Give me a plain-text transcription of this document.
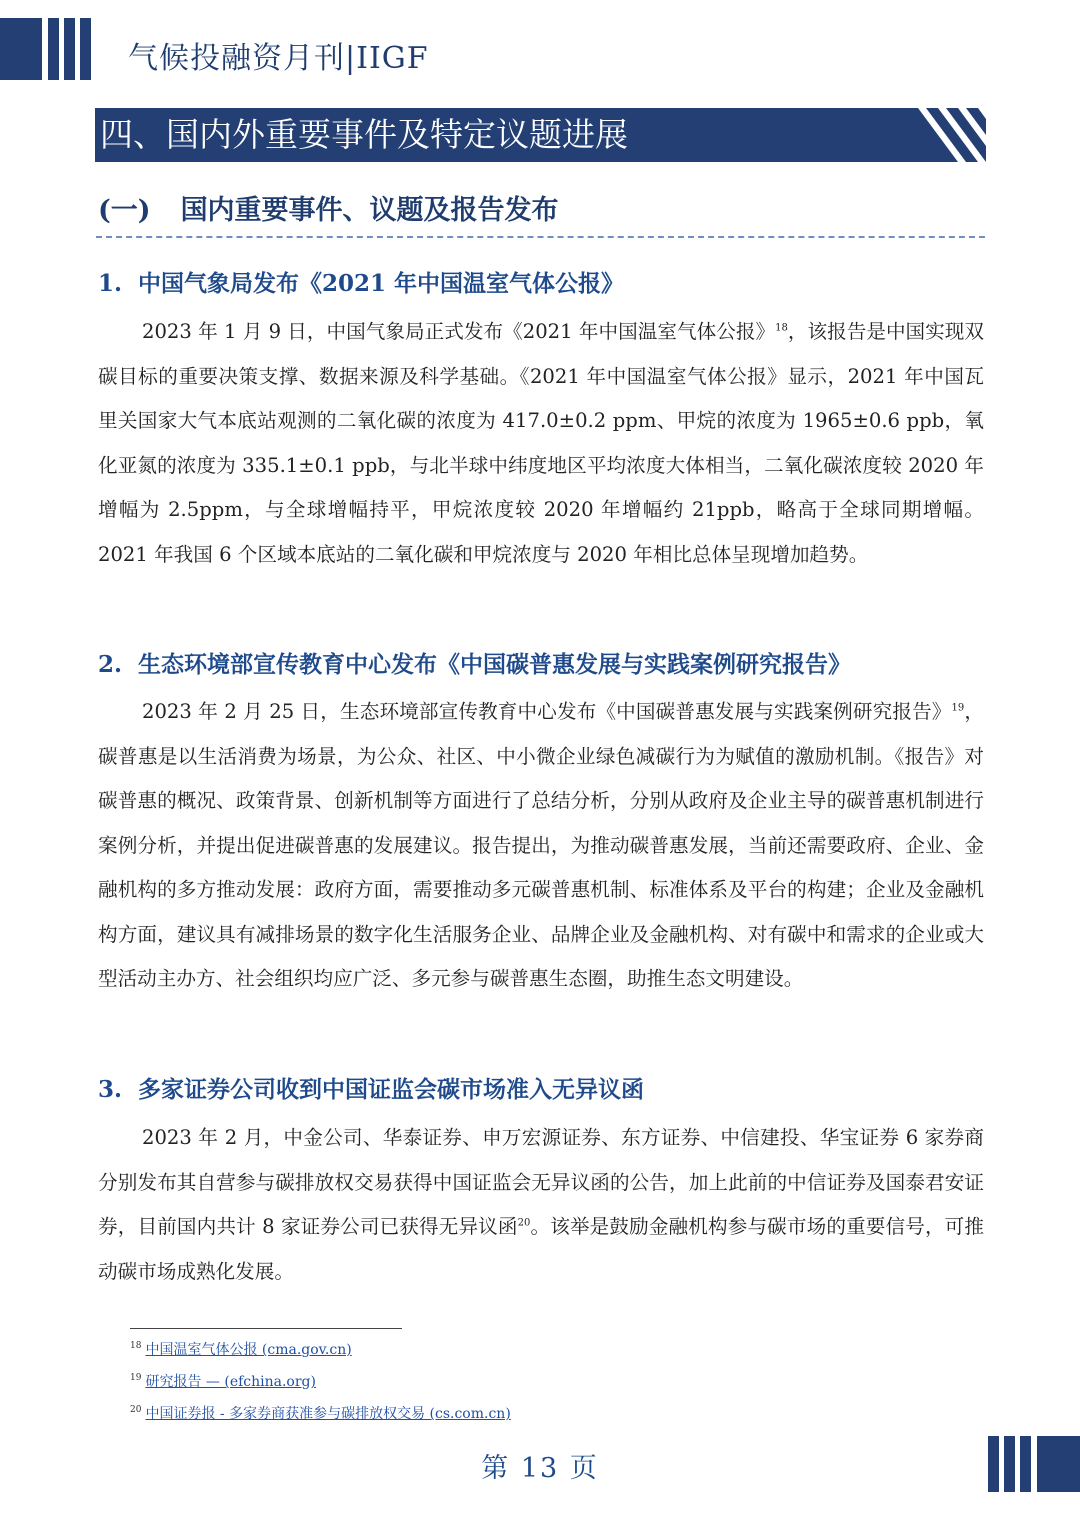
气候投融资月刊|IIGF
四、国内外重要事件及特定议题进展
(一) 国内重要事件、议题及报告发布
1. 中国气象局发布《2021 年中国温室气体公报》
2023 年 1 月 9 日，中国气象局正式发布《2021 年中国温室气体公报》$^{18}$，该报告是中国实现双碳目标的重要决策支撑、数据来源及科学基础。《2021 年中国温室气体公报》显示，2021 年中国瓦里关国家大气本底站观测的二氧化碳的浓度为 417.0±0.2 ppm、甲烷的浓度为 1965±0.6 ppb，氧化亚氮的浓度为 335.1±0.1 ppb，与北半球中纬度地区平均浓度大体相当，二氧化碳浓度较 2020 年增幅为 2.5ppm，与全球增幅持平，甲烷浓度较 2020 年增幅约 21ppb，略高于全球同期增幅。2021 年我国 6 个区域本底站的二氧化碳和甲烷浓度与 2020 年相比总体呈现增加趋势。
2. 生态环境部宣传教育中心发布《中国碳普惠发展与实践案例研究报告》
2023 年 2 月 25 日，生态环境部宣传教育中心发布《中国碳普惠发展与实践案例研究报告》$^{19}$，碳普惠是以生活消费为场景，为公众、社区、中小微企业绿色减碳行为为赋值的激励机制。《报告》对碳普惠的概况、政策背景、创新机制等方面进行了总结分析，分别从政府及企业主导的碳普惠机制进行案例分析，并提出促进碳普惠的发展建议。报告提出，为推动碳普惠发展，当前还需要政府、企业、金融机构的多方推动发展：政府方面，需要推动多元碳普惠机制、标准体系及平台的构建；企业及金融机构方面，建议具有减排场景的数字化生活服务企业、品牌企业及金融机构、对有碳中和需求的企业或大型活动主办方、社会组织均应广泛、多元参与碳普惠生态圈，助推生态文明建设。
3. 多家证券公司收到中国证监会碳市场准入无异议函
2023 年 2 月，中金公司、华泰证券、申万宏源证券、东方证券、中信建投、华宝证券 6 家券商分别发布其自营参与碳排放权交易获得中国证监会无异议函的公告，加上此前的中信证券及国泰君安证券，目前国内共计 8 家证券公司已获得无异议函$^{20}$。该举是鼓励金融机构参与碳市场的重要信号，可推动碳市场成熟化发展。
$^{18}$ 中国温室气体公报 (cma.gov.cn)
$^{19}$ 研究报告 — (efchina.org)
$^{20}$ 中国证券报 - 多家券商获准参与碳排放权交易 (cs.com.cn)
第 13 页
